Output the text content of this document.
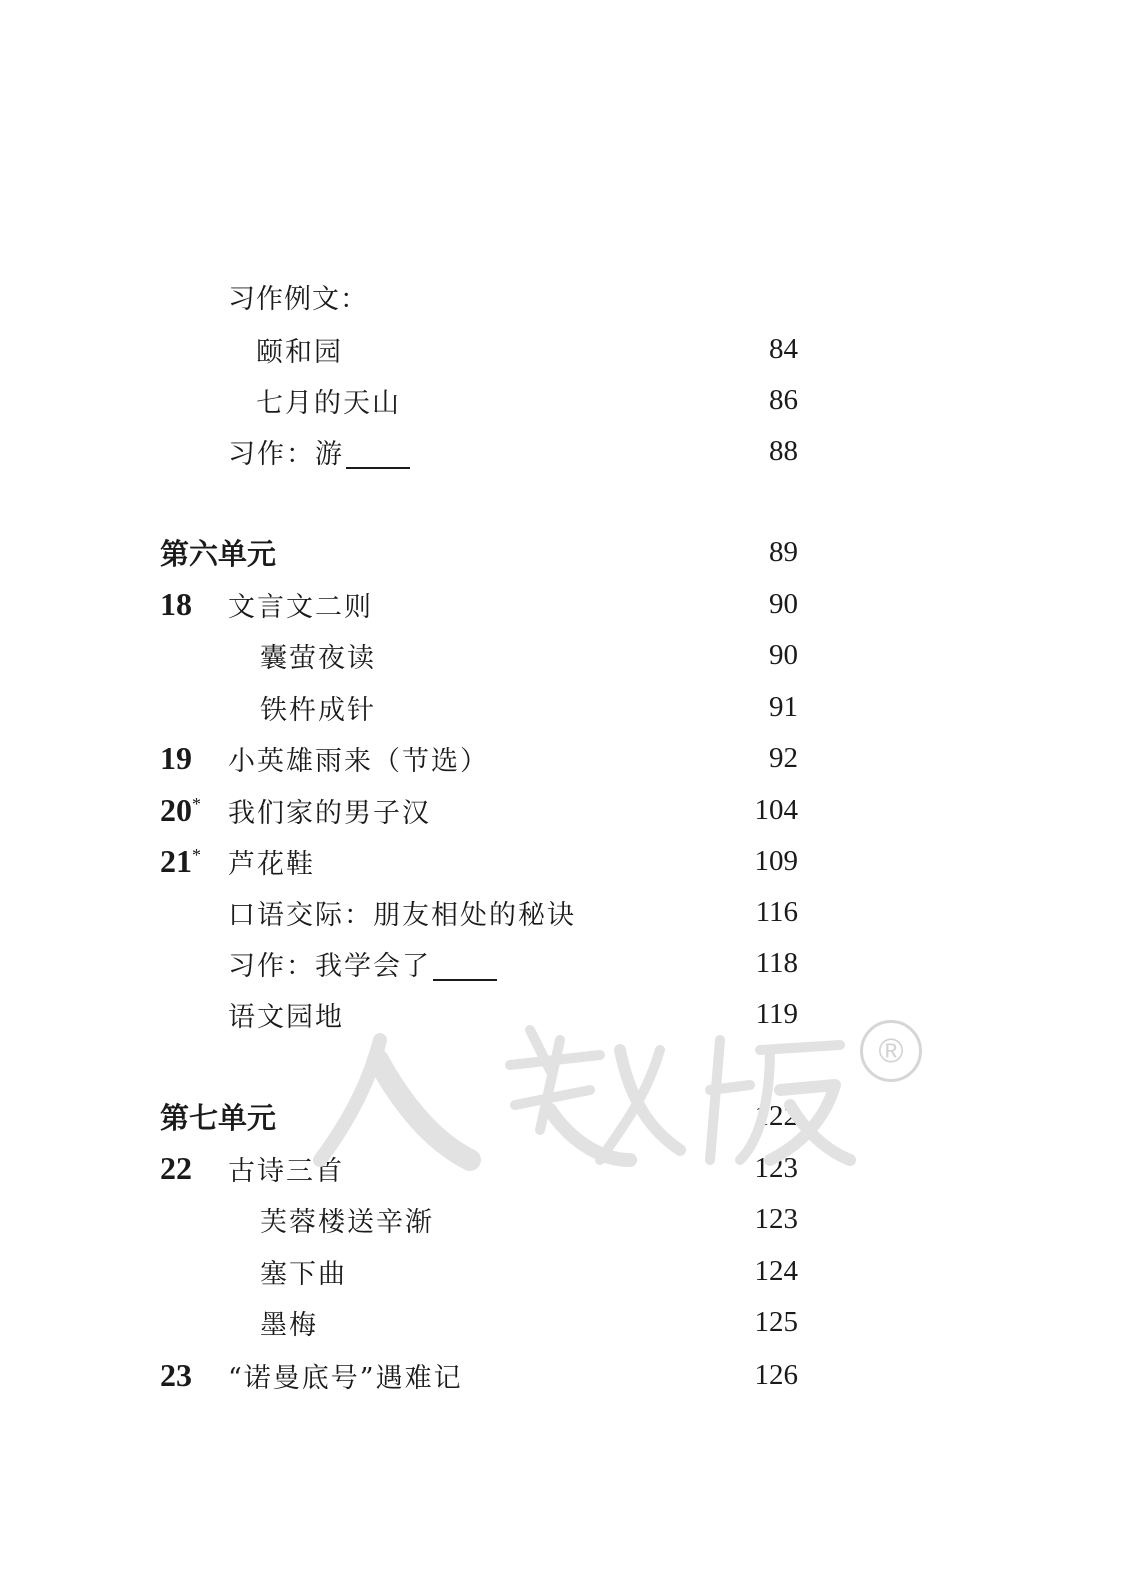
习作例文：
颐和园	84
七月的天山	86
习作：游	88
第六单元	89
18 文言文二则	90
囊萤夜读	90
铁杵成针	91
19 小英雄雨来（节选）	92
20* 我们家的男子汉	104
21* 芦花鞋	109
口语交际：朋友相处的秘诀	116
习作：我学会了	118
语文园地	119
第七单元	122
22 古诗三首	123
芙蓉楼送辛渐	123
塞下曲	124
墨梅	125
23 “诺曼底号”遇难记	126
®
